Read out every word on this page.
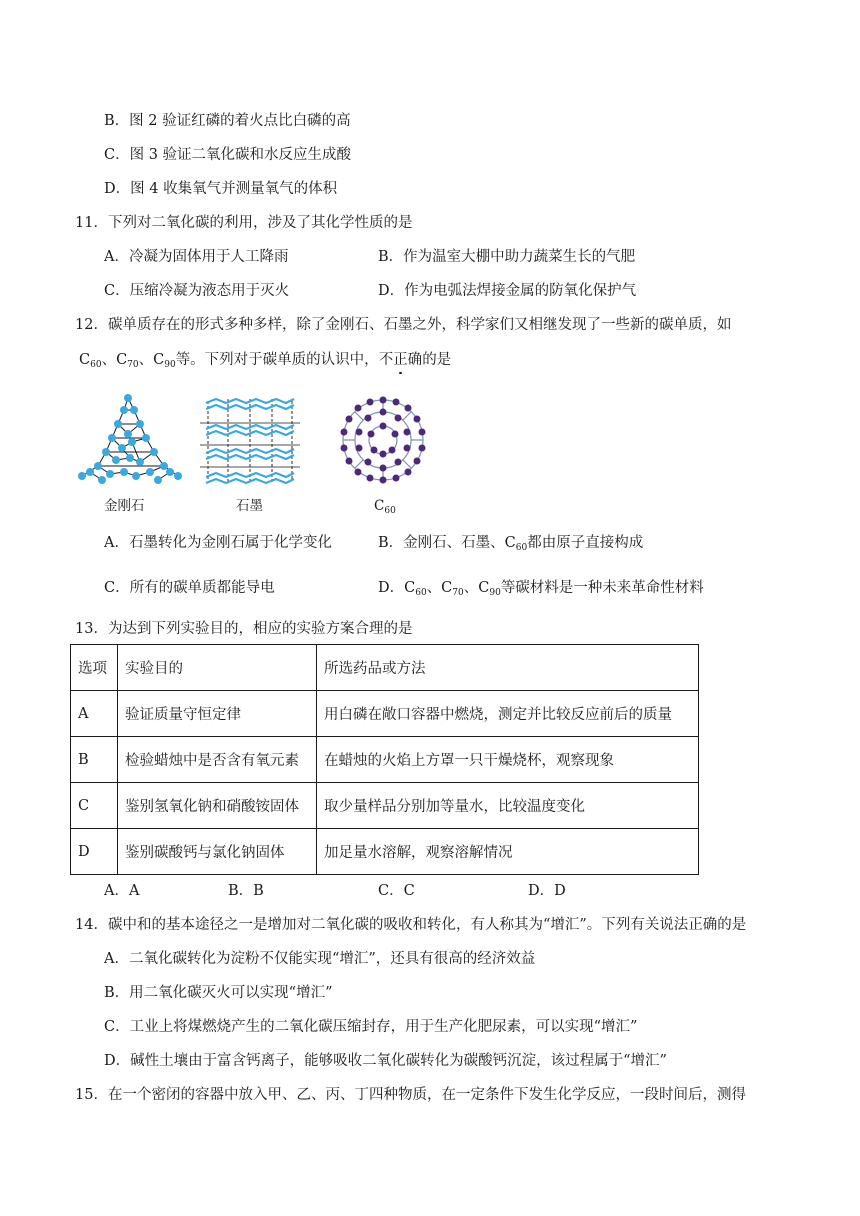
B．图 2 验证红磷的着火点比白磷的高
C．图 3 验证二氧化碳和水反应生成酸
D．图 4 收集氧气并测量氧气的体积
11．下列对二氧化碳的利用，涉及了其化学性质的是
A．冷凝为固体用于人工降雨	B．作为温室大棚中助力蔬菜生长的气肥
C．压缩冷凝为液态用于灭火	D．作为电弧法焊接金属的防氧化保护气
12．碳单质存在的形式多种多样，除了金刚石、石墨之外，科学家们又相继发现了一些新的碳单质，如
$C_{60}$、$C_{70}$、$C_{90}$等。下列对于碳单质的认识中，不正确的是
金刚石	石墨	$C_{60}$
A．石墨转化为金刚石属于化学变化	B．金刚石、石墨、$C_{60}$都由原子直接构成
C．所有的碳单质都能导电	D．$C_{60}$、$C_{70}$、$C_{90}$等碳材料是一种未来革命性材料
13．为达到下列实验目的，相应的实验方案合理的是
选项	实验目的	所选药品或方法
A	验证质量守恒定律	用白磷在敞口容器中燃烧，测定并比较反应前后的质量
B	检验蜡烛中是否含有氧元素	在蜡烛的火焰上方罩一只干燥烧杯，观察现象
C	鉴别氢氧化钠和硝酸铵固体	取少量样品分别加等量水，比较温度变化
D	鉴别碳酸钙与氯化钠固体	加足量水溶解，观察溶解情况
A．A	B．B	C．C	D．D
14．碳中和的基本途径之一是增加对二氧化碳的吸收和转化，有人称其为“增汇”。下列有关说法正确的是
A．二氧化碳转化为淀粉不仅能实现“增汇”，还具有很高的经济效益
B．用二氧化碳灭火可以实现“增汇”
C．工业上将煤燃烧产生的二氧化碳压缩封存，用于生产化肥尿素，可以实现“增汇”
D．碱性土壤由于富含钙离子，能够吸收二氧化碳转化为碳酸钙沉淀，该过程属于“增汇”
15．在一个密闭的容器中放入甲、乙、丙、丁四种物质，在一定条件下发生化学反应，一段时间后，测得
